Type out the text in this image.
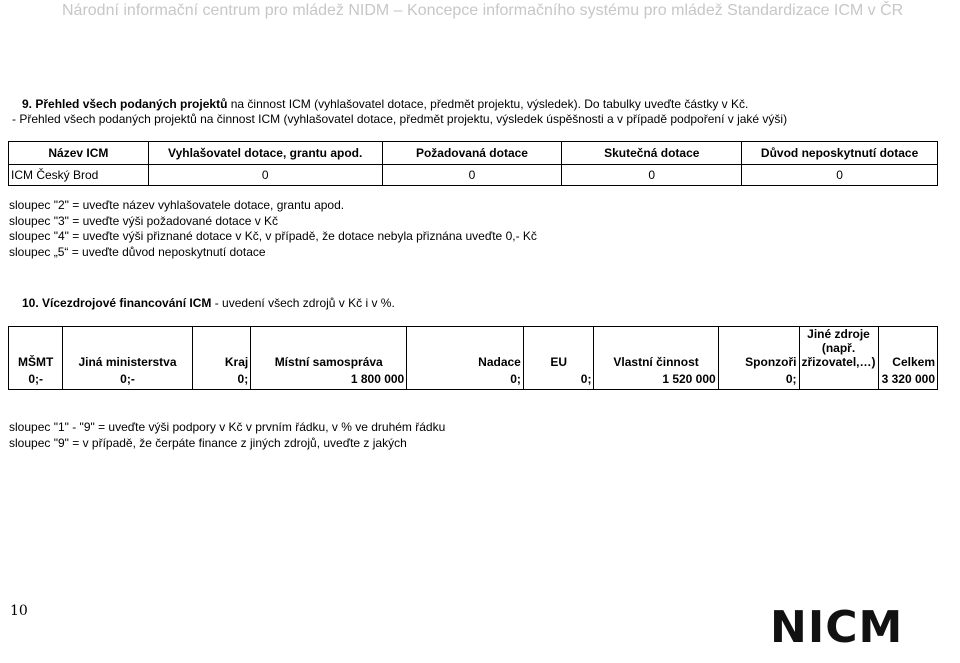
Národní informační centrum pro mládež NIDM – Koncepce informačního systému pro mládež Standardizace ICM v ČR
9. Přehled všech podaných projektů na činnost ICM (vyhlašovatel dotace, předmět projektu, výsledek). Do tabulky uveďte částky v Kč.
- Přehled všech podaných projektů na činnost ICM (vyhlašovatel dotace, předmět projektu, výsledek úspěšnosti a v případě podpoření v jaké výši)
Název ICM	Vyhlašovatel dotace, grantu apod.	Požadovaná dotace	Skutečná dotace	Důvod neposkytnutí dotace
ICM Český Brod	0	0	0	0
sloupec "2" = uveďte název vyhlašovatele dotace, grantu apod.
sloupec "3" = uveďte výši požadované dotace v Kč
sloupec "4" = uveďte výši přiznané dotace v Kč, v případě, že dotace nebyla přiznána uveďte 0,- Kč
sloupec „5“ = uveďte důvod neposkytnutí dotace
10. Vícezdrojové financování ICM - uvedení všech zdrojů v Kč i v %.
MŠMT	Jiná ministerstva	Kraj	Místní samospráva	Nadace	EU	Vlastní činnost	Sponzoři	Jiné zdroje (např. zřizovatel,…)	Celkem
0;-	0;-	0;	1 800 000	0;	0;	1 520 000	0;		3 320 000
sloupec "1" - "9" = uveďte výši podpory v Kč v prvním řádku, v % ve druhém řádku
sloupec "9" = v případě, že čerpáte finance z jiných zdrojů, uveďte z jakých
10	NICM
